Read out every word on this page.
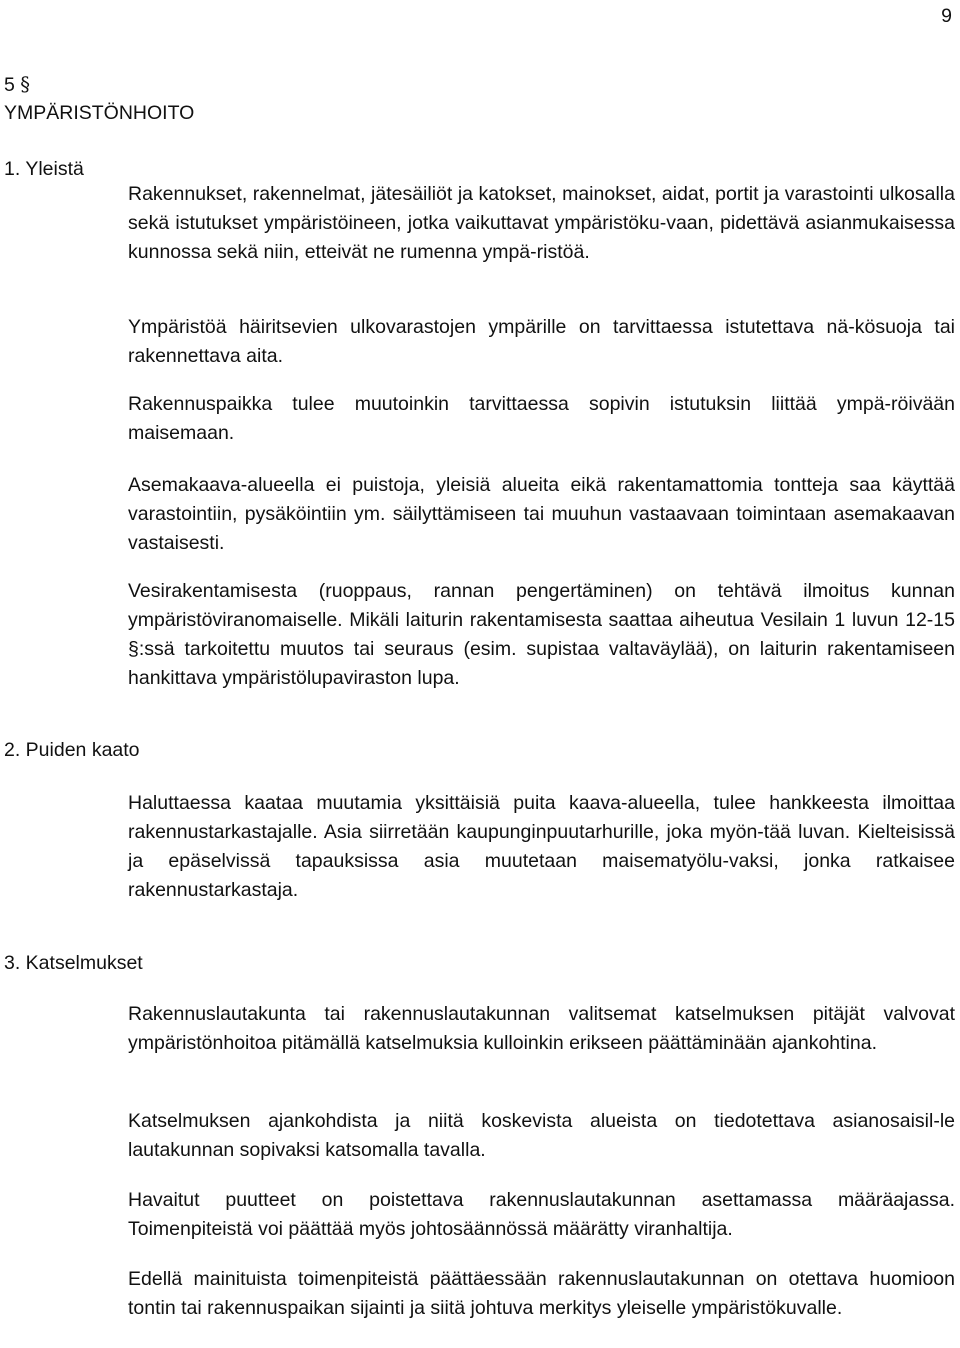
9
5 §
YMPÄRISTÖNHOITO
1. Yleistä

Rakennukset, rakennelmat, jätesäiliöt ja katokset, mainokset, aidat, portit ja varastointi ulkosalla sekä istutukset ympäristöineen, jotka vaikuttavat ympäristöku-vaan, pidettävä asianmukaisessa kunnossa sekä niin, etteivät ne rumenna ympä-ristöä.

Ympäristöä häiritsevien ulkovarastojen ympärille on tarvittaessa istutettava nä-kösuoja tai rakennettava aita.

Rakennuspaikka tulee muutoinkin tarvittaessa sopivin istutuksin liittää ympä-röivään maisemaan.

Asemakaava-alueella ei puistoja, yleisiä alueita eikä rakentamattomia tontteja saa käyttää varastointiin, pysäköintiin ym. säilyttämiseen tai muuhun vastaavaan toimintaan asemakaavan vastaisesti.

Vesirakentamisesta (ruoppaus, rannan pengertäminen) on tehtävä ilmoitus kunnan ympäristöviranomaiselle. Mikäli laiturin rakentamisesta saattaa aiheutua Vesilain 1 luvun 12-15 §:ssä tarkoitettu muutos tai seuraus (esim. supistaa valtaväylää), on laiturin rakentamiseen hankittava ympäristölupaviraston lupa.

2. Puiden kaato

Haluttaessa kaataa muutamia yksittäisiä puita kaava-alueella, tulee hankkeesta ilmoittaa rakennustarkastajalle. Asia siirretään kaupunginpuutarhurille, joka myön-tää luvan. Kielteisissä ja epäselvissä tapauksissa asia muutetaan maisematyölu-vaksi, jonka ratkaisee rakennustarkastaja.

3. Katselmukset

Rakennuslautakunta tai rakennuslautakunnan valitsemat katselmuksen pitäjät valvovat ympäristönhoitoa pitämällä katselmuksia kulloinkin erikseen päättäminään ajankohtina.

Katselmuksen ajankohdista ja niitä koskevista alueista on tiedotettava asianosaisil-le lautakunnan sopivaksi katsomalla tavalla.

Havaitut puutteet on poistettava rakennuslautakunnan asettamassa määräajassa. Toimenpiteistä voi päättää myös johtosäännössä määrätty viranhaltija.

Edellä mainituista toimenpiteistä päättäessään rakennuslautakunnan on otettava huomioon tontin tai rakennuspaikan sijainti ja siitä johtuva merkitys yleiselle ympäristökuvalle.
